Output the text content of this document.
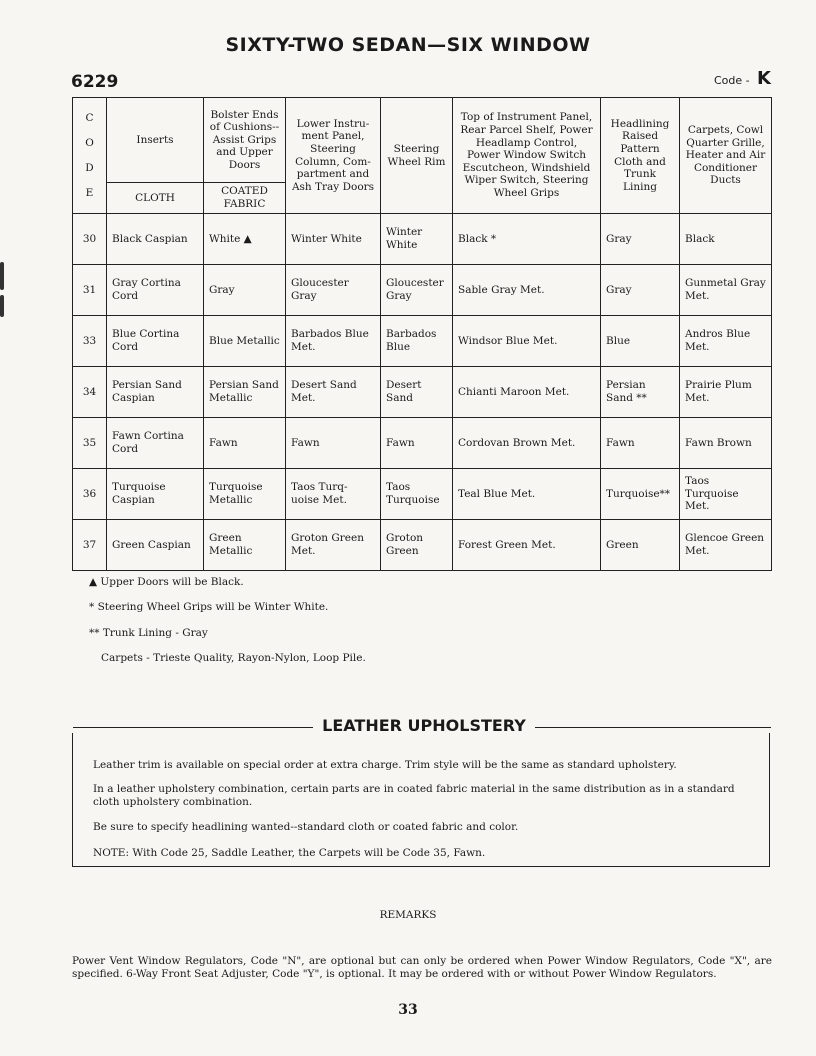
SIXTY-TWO SEDAN—SIX WINDOW
6229	Code - K
C
O
D
E	Inserts	Bolster Ends of Cushions-- Assist Grips and Upper Doors	Lower Instru- ment Panel, Steering Column, Com- partment and Ash Tray Doors	Steering Wheel Rim	Top of Instrument Panel, Rear Parcel Shelf, Power Headlamp Control, Power Window Switch Escutcheon, Windshield Wiper Switch, Steering Wheel Grips	Headlining Raised Pattern Cloth and Trunk Lining	Carpets, Cowl Quarter Grille, Heater and Air Conditioner Ducts
	CLOTH	COATED FABRIC					
30	Black Caspian	White ▲	Winter White	Winter White	Black *	Gray	Black
31	Gray Cortina Cord	Gray	Gloucester Gray	Gloucester Gray	Sable Gray Met.	Gray	Gunmetal Gray Met.
33	Blue Cortina Cord	Blue Metallic	Barbados Blue Met.	Barbados Blue	Windsor Blue Met.	Blue	Andros Blue Met.
34	Persian Sand Caspian	Persian Sand Metallic	Desert Sand Met.	Desert Sand	Chianti Maroon Met.	Persian Sand **	Prairie Plum Met.
35	Fawn Cortina Cord	Fawn	Fawn	Fawn	Cordovan Brown Met.	Fawn	Fawn Brown
36	Turquoise Caspian	Turquoise Metallic	Taos Turq- uoise Met.	Taos Turquoise	Teal Blue Met.	Turquoise**	Taos Turquoise Met.
37	Green Caspian	Green Metallic	Groton Green Met.	Groton Green	Forest Green Met.	Green	Glencoe Green Met.
▲ Upper Doors will be Black.
* Steering Wheel Grips will be Winter White.
** Trunk Lining - Gray
Carpets - Trieste Quality, Rayon-Nylon, Loop Pile.
LEATHER UPHOLSTERY
Leather trim is available on special order at extra charge. Trim style will be the same as standard upholstery.
In a leather upholstery combination, certain parts are in coated fabric material in the same distribution as in a standard cloth upholstery combination.
Be sure to specify headlining wanted--standard cloth or coated fabric and color.
NOTE: With Code 25, Saddle Leather, the Carpets will be Code 35, Fawn.
REMARKS
Power Vent Window Regulators, Code "N", are optional but can only be ordered when Power Window Regulators, Code "X", are specified. 6-Way Front Seat Adjuster, Code "Y", is optional. It may be ordered with or without Power Window Regulators.
33
